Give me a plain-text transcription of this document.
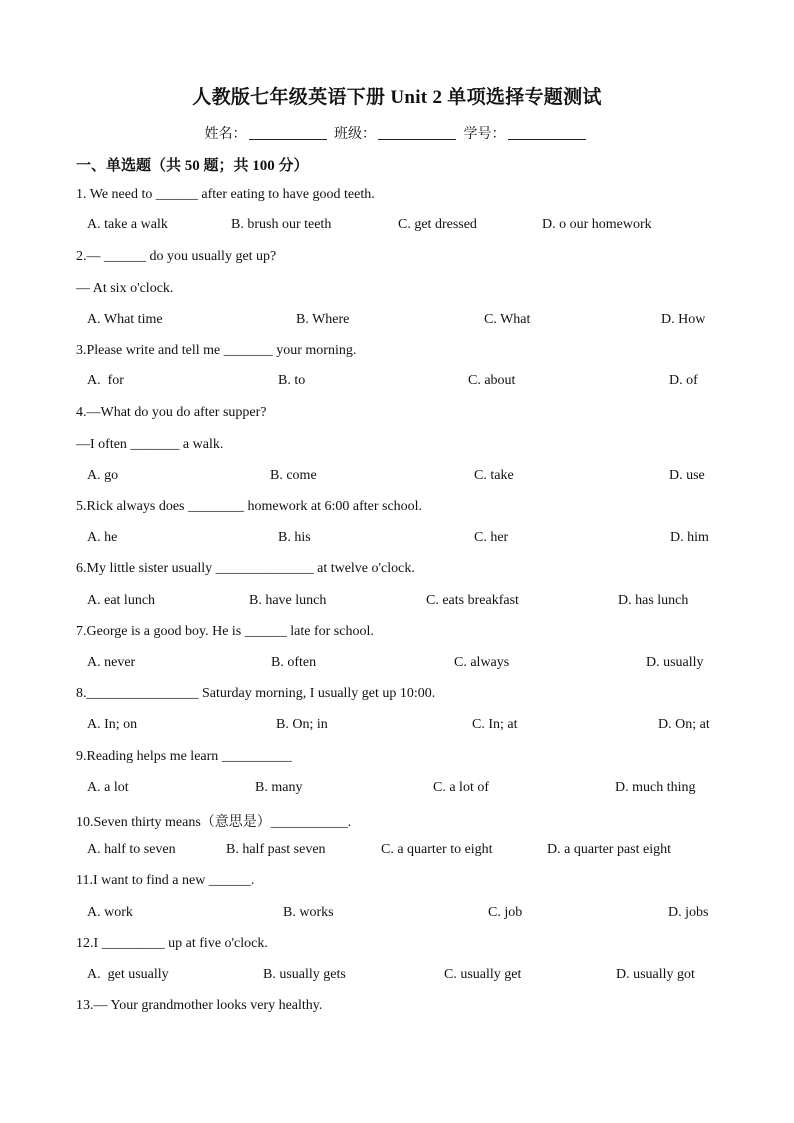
人教版七年级英语下册 Unit 2 单项选择专题测试
姓名：	班级：	学号：
一、单选题（共 50 题；共 100 分）
1. We need to ______ after eating to have good teeth.
A. take a walk	B. brush our teeth	C. get dressed	D. o our homework
2.— ______ do you usually get up?
— At six o'clock.
A. What time	B. Where	C. What	D. How
3.Please write and tell me _______ your morning.
A.  for	B. to	C. about	D. of
4.—What do you do after supper?
—I often _______ a walk.
A. go	B. come	C. take	D. use
5.Rick always does ________ homework at 6:00 after school.
A. he	B. his	C. her	D. him
6.My little sister usually ______________ at twelve o'clock.
A. eat lunch	B. have lunch	C. eats breakfast	D. has lunch
7.George is a good boy. He is ______ late for school.
A. never	B. often	C. always	D. usually
8.________________ Saturday morning, I usually get up 10:00.
A. In; on	B. On; in	C. In; at	D. On; at
9.Reading helps me learn __________
A. a lot	B. many	C. a lot of	D. much thing
10.Seven thirty means（意思是）___________.
A. half to seven	B. half past seven	C. a quarter to eight	D. a quarter past eight
11.I want to find a new ______.
A. work	B. works	C. job	D. jobs
12.I _________ up at five o'clock.
A.  get usually	B. usually gets	C. usually get	D. usually got
13.— Your grandmother looks very healthy.
